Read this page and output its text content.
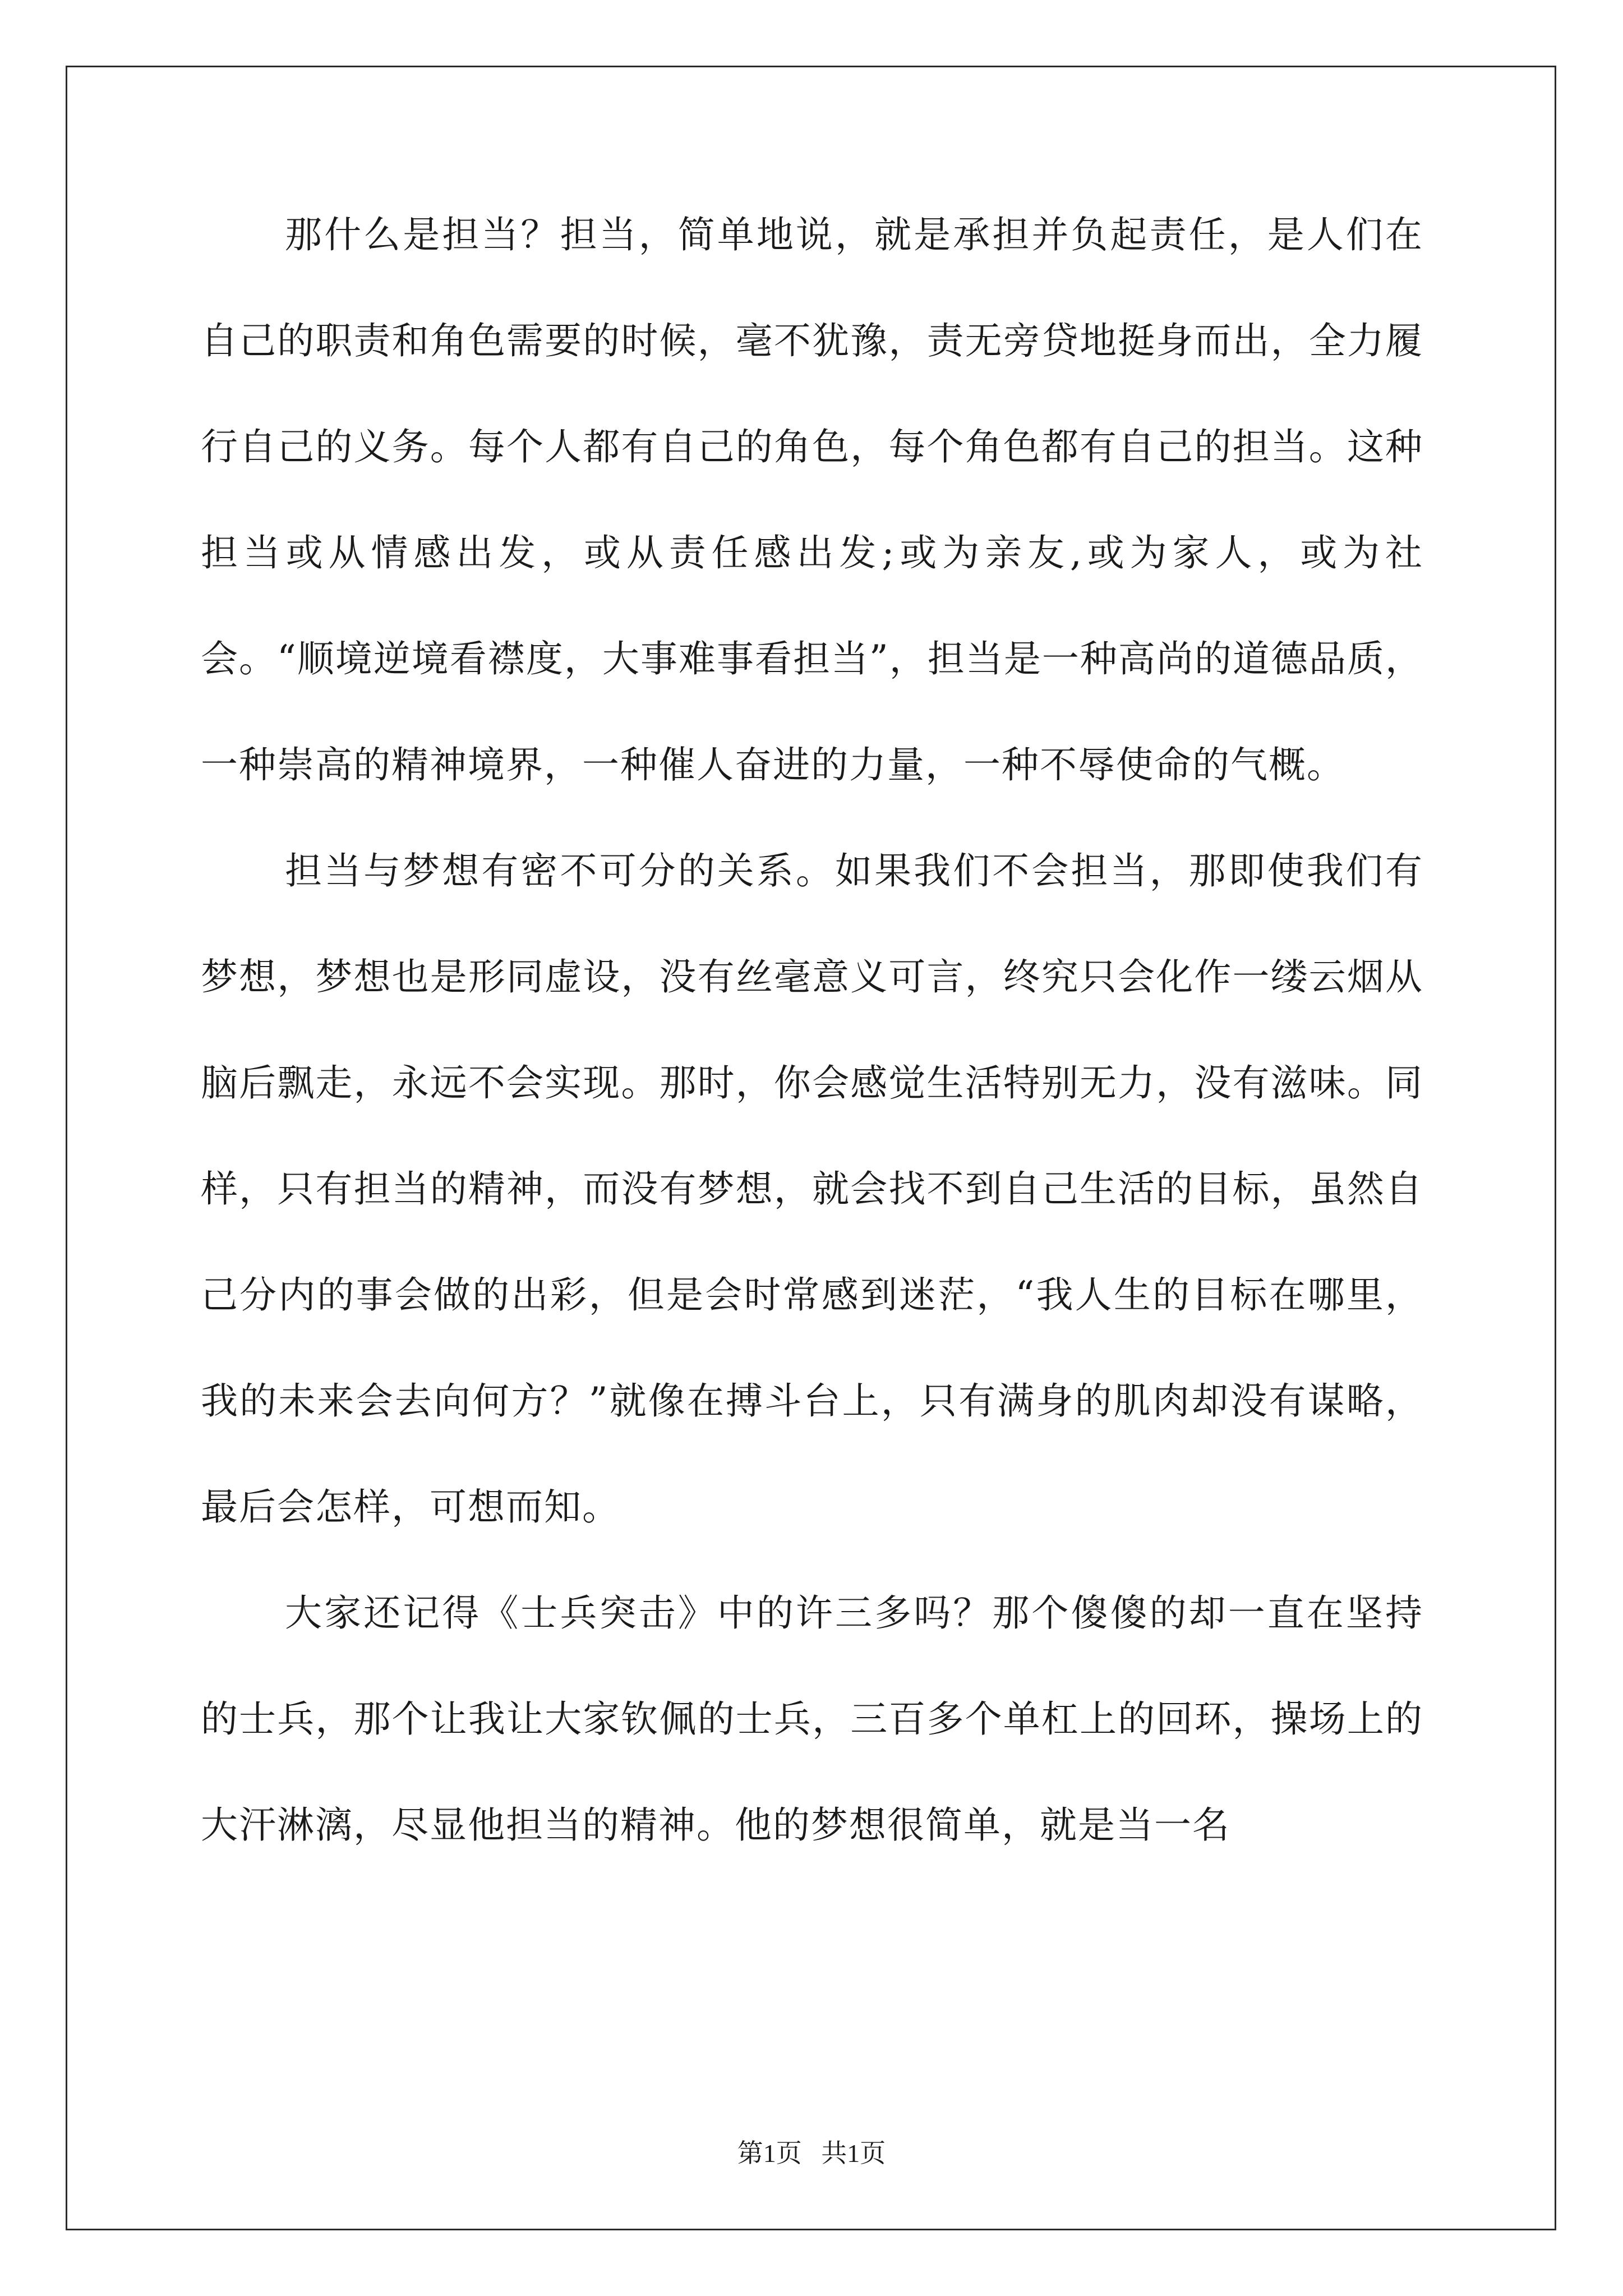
那什么是担当？担当，简单地说，就是承担并负起责任，是人们在自己的职责和角色需要的时候，毫不犹豫，责无旁贷地挺身而出，全力履行自己的义务。每个人都有自己的角色，每个角色都有自己的担当。这种担当或从情感出发，或从责任感出发;或为亲友,或为家人，或为社会。“顺境逆境看襟度，大事难事看担当”，担当是一种高尚的道德品质，一种崇高的精神境界，一种催人奋进的力量，一种不辱使命的气概。

担当与梦想有密不可分的关系。如果我们不会担当，那即使我们有梦想，梦想也是形同虚设，没有丝毫意义可言，终究只会化作一缕云烟从脑后飘走，永远不会实现。那时，你会感觉生活特别无力，没有滋味。同样，只有担当的精神，而没有梦想，就会找不到自己生活的目标，虽然自己分内的事会做的出彩，但是会时常感到迷茫，“我人生的目标在哪里，我的未来会去向何方？”就像在搏斗台上，只有满身的肌肉却没有谋略，最后会怎样，可想而知。

大家还记得《士兵突击》中的许三多吗？那个傻傻的却一直在坚持的士兵，那个让我让大家钦佩的士兵，三百多个单杠上的回环，操场上的大汗淋漓，尽显他担当的精神。他的梦想很简单，就是当一名

第1页   共1页
